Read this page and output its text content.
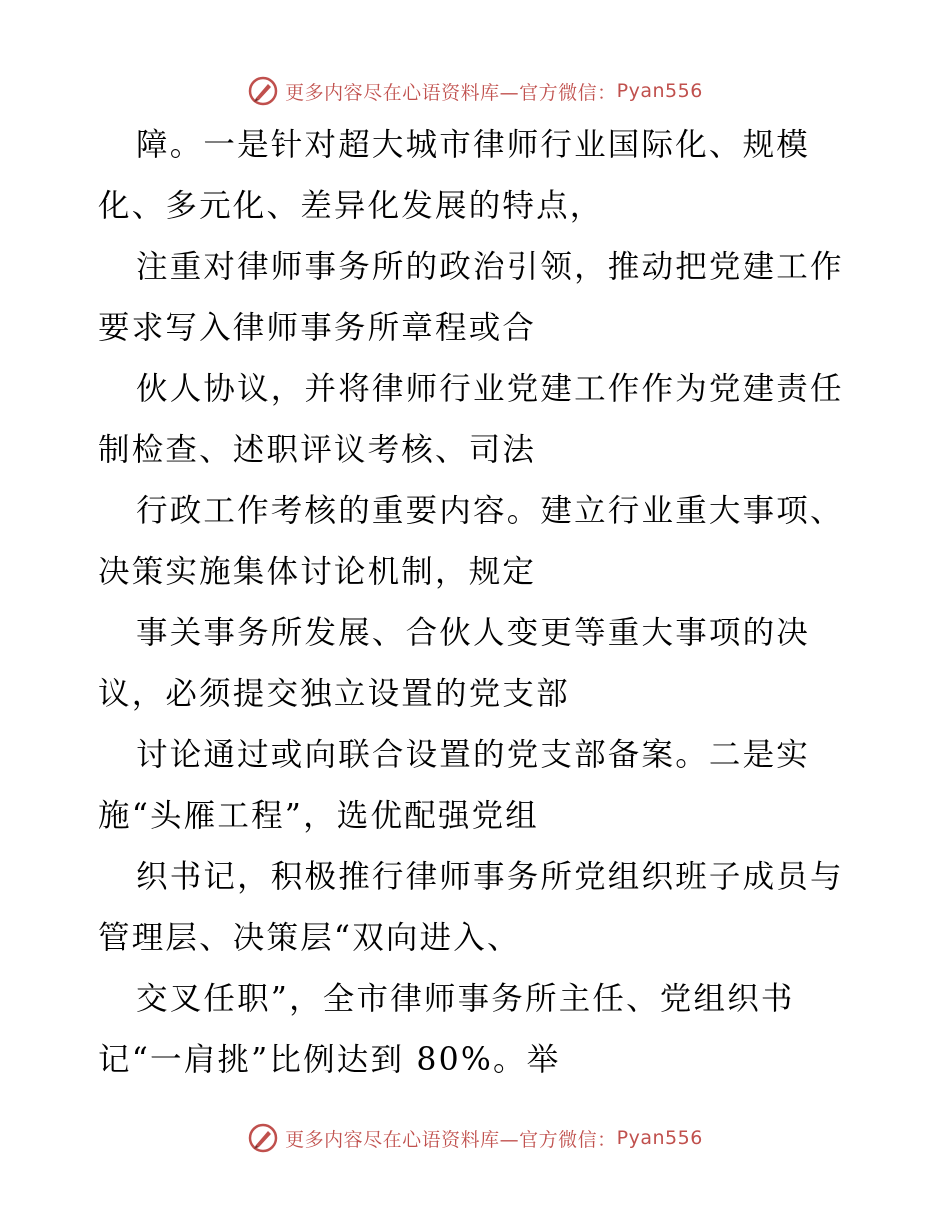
更多内容尽在心语资料库—官方微信： Pyan556
障。一是针对超大城市律师行业国际化、规模
化、多元化、差异化发展的特点，
注重对律师事务所的政治引领，推动把党建工作
要求写入律师事务所章程或合
伙人协议，并将律师行业党建工作作为党建责任
制检查、述职评议考核、司法
行政工作考核的重要内容。建立行业重大事项、
决策实施集体讨论机制，规定
事关事务所发展、合伙人变更等重大事项的决
议，必须提交独立设置的党支部
讨论通过或向联合设置的党支部备案。二是实
施“头雁工程”，选优配强党组
织书记，积极推行律师事务所党组织班子成员与
管理层、决策层“双向进入、
交叉任职”，全市律师事务所主任、党组织书
记“一肩挑”比例达到 80%。举
更多内容尽在心语资料库—官方微信： Pyan556
